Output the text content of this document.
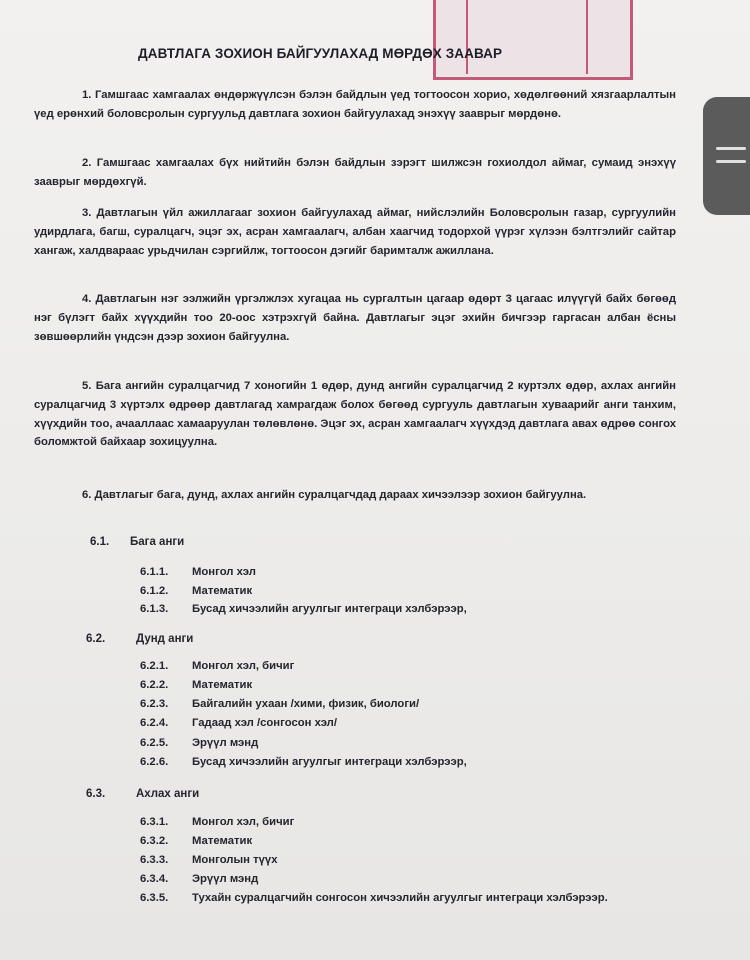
ДАВТЛАГА ЗОХИОН БАЙГУУЛАХАД МӨРДӨХ ЗААВАР
1. Гамшгаас хамгаалах өндөржүүлсэн бэлэн байдлын үед тогтоосон хорио, хөдөлгөөний хязгаарлалтын үед ерөнхий боловсролын сургуульд давтлага зохион байгуулахад энэхүү зааврыг мөрдөнө.
2. Гамшгаас хамгаалах бүх нийтийн бэлэн байдлын зэрэгт шилжсэн гохиолдол аймаг, сумаид энэхүү зааврыг мөрдөхгүй.
3. Давтлагын үйл ажиллагааг зохион байгуулахад аймаг, нийслэлийн Боловсролын газар, сургуулийн удирдлага, багш, суралцагч, эцэг эх, асран хамгаалагч, албан хаагчид тодорхой үүрэг хүлээн бэлтгэлийг сайтар хангаж, халдвараас урьдчилан сэргийлж, тогтоосон дэгийг баримталж ажиллана.
4. Давтлагын нэг ээлжийн үргэлжлэх хугацаа нь сургалтын цагаар өдөрт 3 цагаас илүүгүй байх бөгөөд нэг бүлэгт байх хүүхдийн тоо 20-оос хэтрэхгүй байна. Давтлагыг эцэг эхийн бичгээр гаргасан албан ёсны зөвшөөрлийн үндсэн дээр зохион байгуулна.
5. Бага ангийн суралцагчид 7 хоногийн 1 өдөр, дунд ангийн суралцагчид 2 куртэлх өдөр, ахлах ангийн суралцагчид 3 хүртэлх өдрөөр давтлагад хамрагдаж болох бөгөөд сургууль давтлагын хуваарийг анги танхим, хүүхдийн тоо, ачааллаас хамааруулан төлөвлөнө. Эцэг эх, асран хамгаалагч хүүхдэд давтлага авах өдрөө сонгох боломжтой байхаар зохицуулна.
6. Давтлагыг бага, дунд, ахлах ангийн суралцагчдад дараах хичээлээр зохион байгуулна.
6.1. Бага анги
6.1.1. Монгол хэл
6.1.2. Математик
6.1.3. Бусад хичээлийн агуулгыг интеграци хэлбэрээр,
6.2.	Дунд анги
6.2.1. Монгол хэл, бичиг
6.2.2. Математик
6.2.3. Байгалийн ухаан /хими, физик, биологи/
6.2.4. Гадаад хэл /сонгосон хэл/
6.2.5. Эрүүл мэнд
6.2.6. Бусад хичээлийн агуулгыг интеграци хэлбэрээр,
6.3.	Ахлах анги
6.3.1. Монгол хэл, бичиг
6.3.2. Математик
6.3.3. Монголын түүх
6.3.4. Эрүүл мэнд
6.3.5. Тухайн суралцагчийн сонгосон хичээлийн агуулгыг интеграци хэлбэрээр.
